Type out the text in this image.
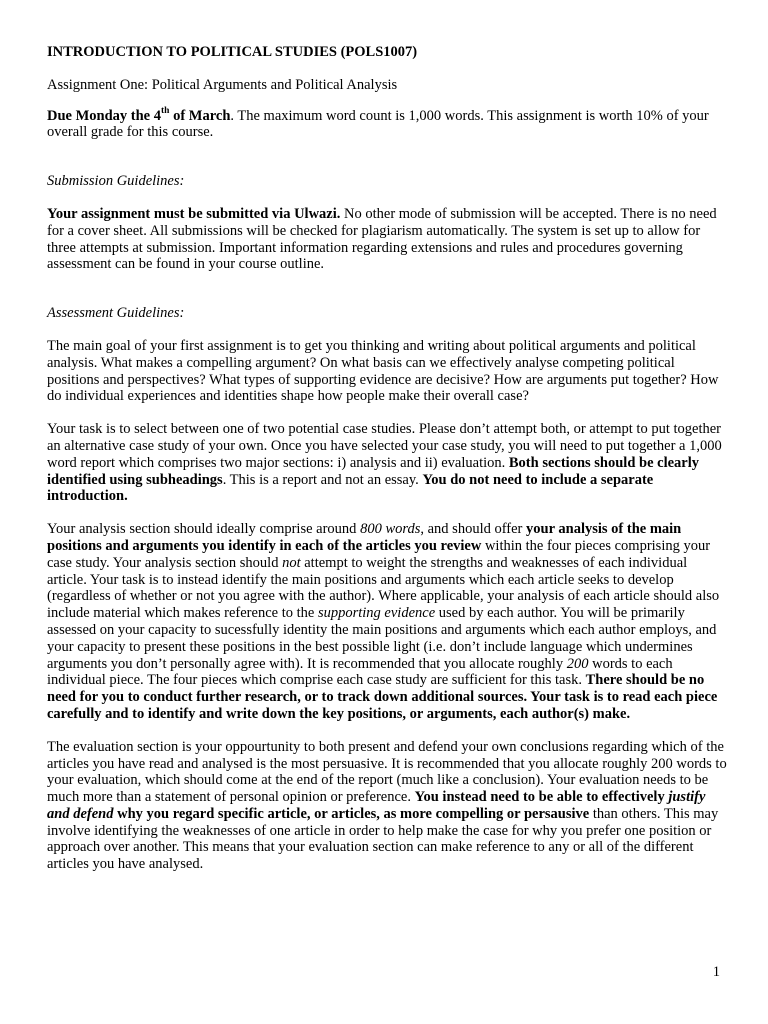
INTRODUCTION TO POLITICAL STUDIES (POLS1007)
Assignment One: Political Arguments and Political Analysis

Due Monday the 4th of March. The maximum word count is 1,000 words. This assignment is worth 10% of your overall grade for this course.

Submission Guidelines:

Your assignment must be submitted via Ulwazi. No other mode of submission will be accepted. There is no need for a cover sheet. All submissions will be checked for plagiarism automatically. The system is set up to allow for three attempts at submission. Important information regarding extensions and rules and procedures governing assessment can be found in your course outline.

Assessment Guidelines:

The main goal of your first assignment is to get you thinking and writing about political arguments and political analysis. What makes a compelling argument? On what basis can we effectively analyse competing political positions and perspectives? What types of supporting evidence are decisive? How are arguments put together? How do individual experiences and identities shape how people make their overall case?

Your task is to select between one of two potential case studies. Please don’t attempt both, or attempt to put together an alternative case study of your own. Once you have selected your case study, you will need to put together a 1,000 word report which comprises two major sections: i) analysis and ii) evaluation. Both sections should be clearly identified using subheadings. This is a report and not an essay. You do not need to include a separate introduction.

Your analysis section should ideally comprise around 800 words, and should offer your analysis of the main positions and arguments you identify in each of the articles you review within the four pieces comprising your case study. Your analysis section should not attempt to weight the strengths and weaknesses of each individual article. Your task is to instead identify the main positions and arguments which each article seeks to develop (regardless of whether or not you agree with the author). Where applicable, your analysis of each article should also include material which makes reference to the supporting evidence used by each author. You will be primarily assessed on your capacity to sucessfully identity the main positions and arguments which each author employs, and your capacity to present these positions in the best possible light (i.e. don’t include language which undermines arguments you don’t personally agree with). It is recommended that you allocate roughly 200 words to each individual piece. The four pieces which comprise each case study are sufficient for this task. There should be no need for you to conduct further research, or to track down additional sources. Your task is to read each piece carefully and to identify and write down the key positions, or arguments, each author(s) make.

The evaluation section is your oppourtunity to both present and defend your own conclusions regarding which of the articles you have read and analysed is the most persuasive. It is recommended that you allocate roughly 200 words to your evaluation, which should come at the end of the report (much like a conclusion). Your evaluation needs to be much more than a statement of personal opinion or preference. You instead need to be able to effectively justify and defend why you regard specific article, or articles, as more compelling or persausive than others. This may involve identifying the weaknesses of one article in order to help make the case for why you prefer one position or approach over another. This means that your evaluation section can make reference to any or all of the different articles you have analysed.

1
